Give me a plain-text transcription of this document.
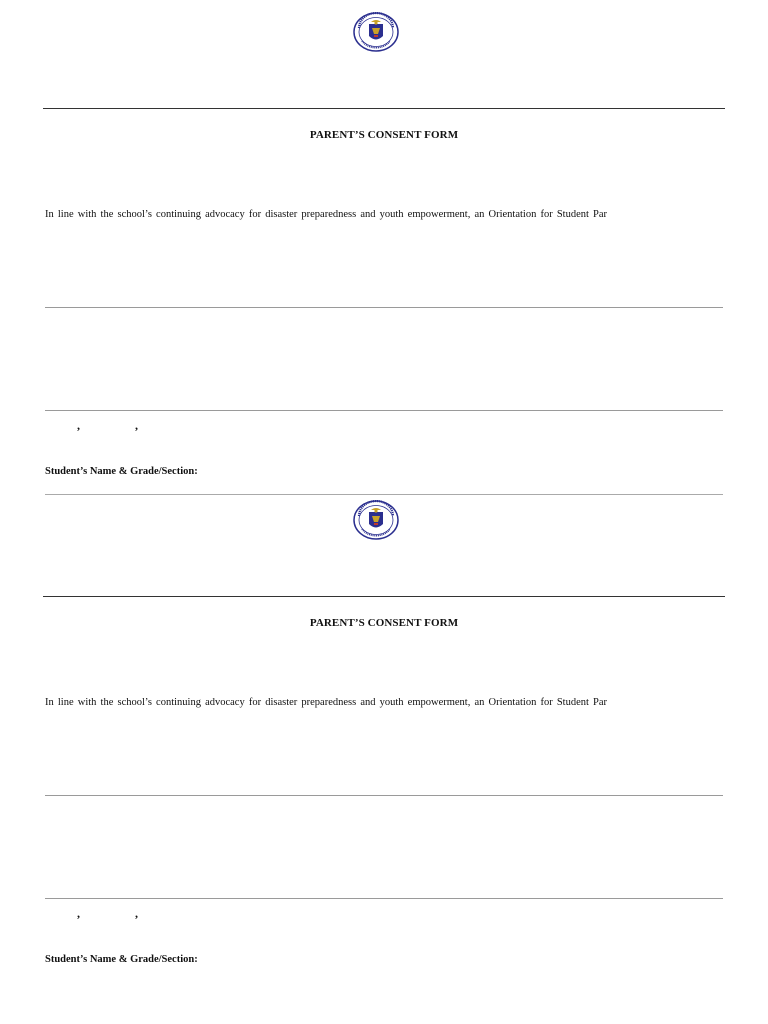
PARENT’S CONSENT FORM
In line with the school’s continuing advocacy for disaster preparedness and youth empowerment, an Orientation for Student Par
,	,
Student’s Name & Grade/Section:
PARENT’S CONSENT FORM
In line with the school’s continuing advocacy for disaster preparedness and youth empowerment, an Orientation for Student Par
,	,
Student’s Name & Grade/Section:
